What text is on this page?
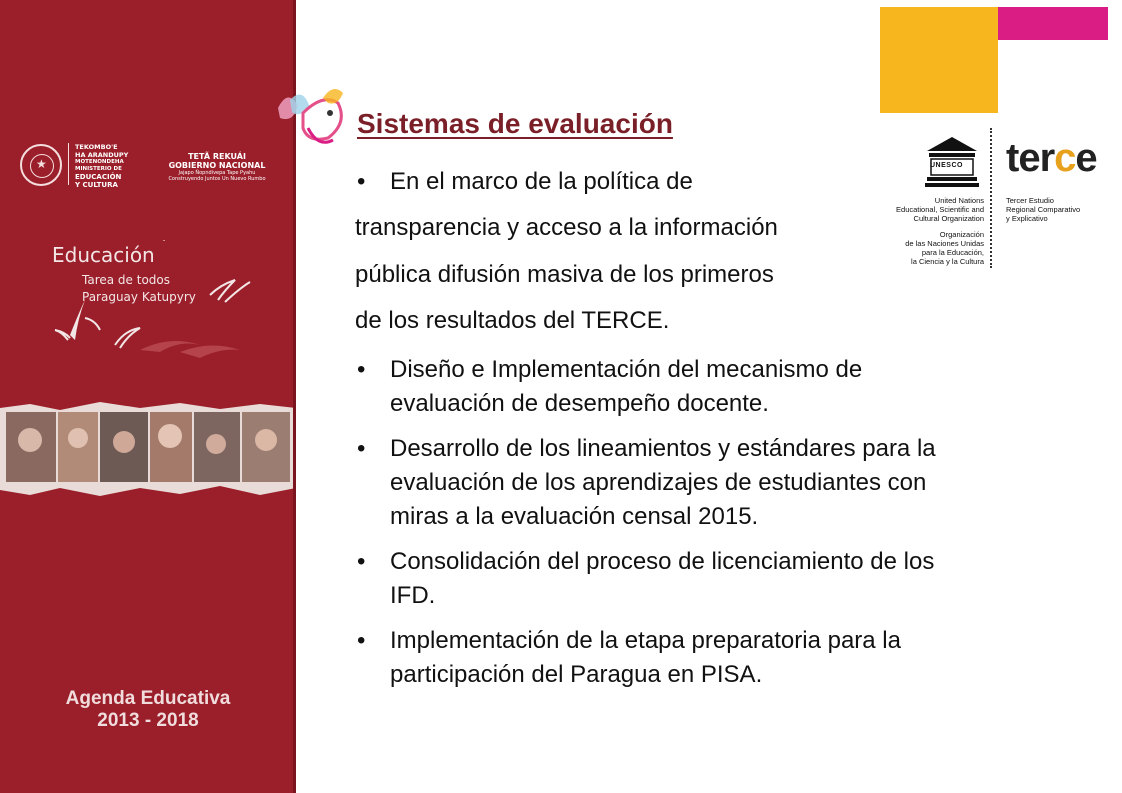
★
TEKOMBO'E
HA ARANDUPY
MOTENONDEHA
MINISTERIO DE
EDUCACIÓN
Y CULTURA
TETÃ REKUÁI
GOBIERNO NACIONAL
Jajapo Ñopndivepa Tape Pyahu
Construyendo Juntos Un Nuevo Rumbo
Educación
Tarea de todos
Paraguay Katupyry
Agenda Educativa
2013 - 2018
Sistemas de evaluación
• En el marco de la política de
transparencia y acceso a la información
pública difusión masiva de los primeros
de los resultados del TERCE.
• Diseño e Implementación del mecanismo de evaluación de desempeño docente.
• Desarrollo de los lineamientos y estándares para la evaluación de los aprendizajes de estudiantes con miras a la evaluación censal 2015.
• Consolidación del proceso de licenciamiento de los IFD.
• Implementación de la etapa preparatoria para la participación del Paragua en PISA.
UNESCO
United Nations
Educational, Scientific and
Cultural Organization
Organización
de las Naciones Unidas
para la Educación,
la Ciencia y la Cultura
terce
Tercer Estudio
Regional Comparativo
y Explicativo
